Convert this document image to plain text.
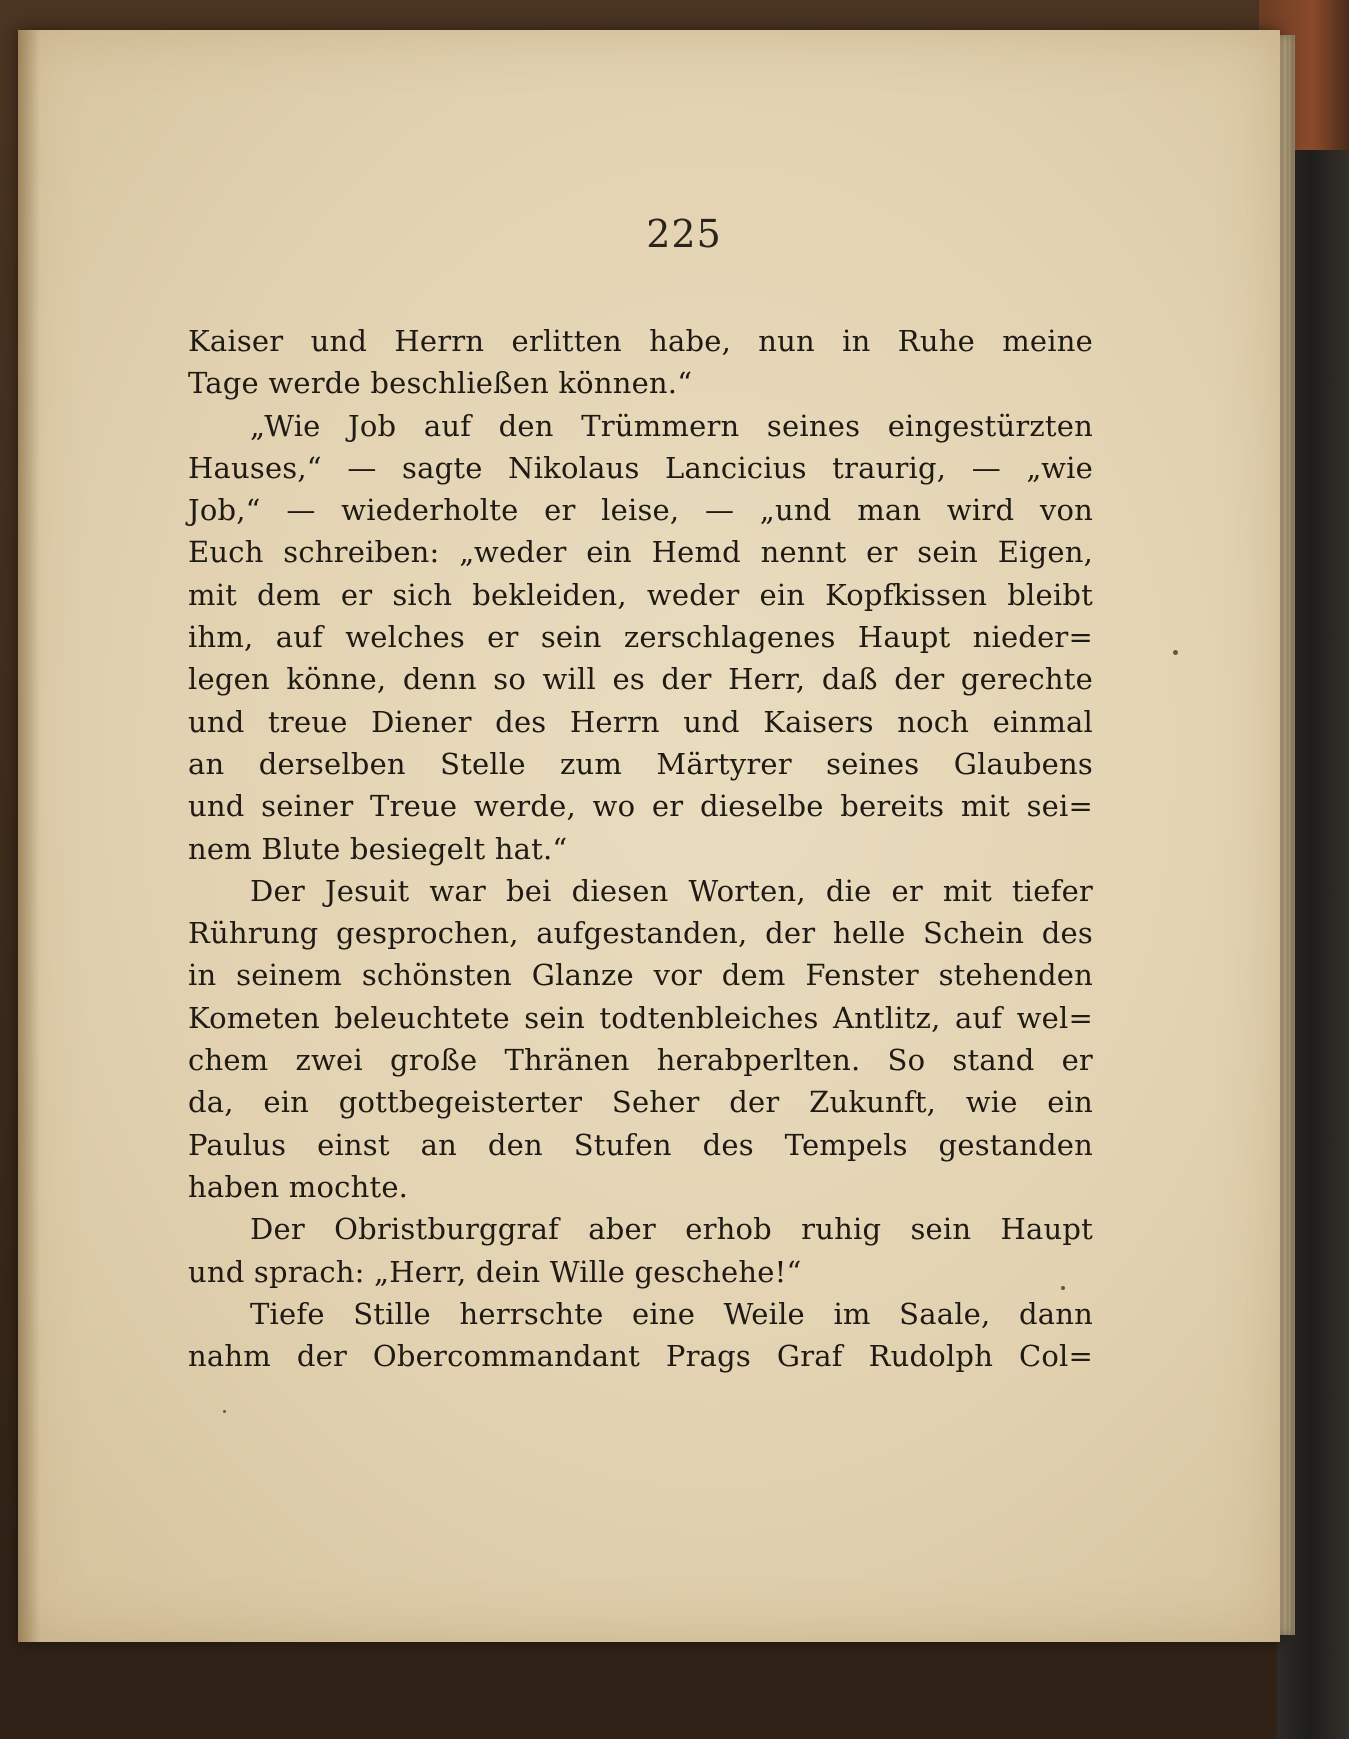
225
Kaiser und Herrn erlitten habe, nun in Ruhe meine
Tage werde beschließen können.“
„Wie Job auf den Trümmern seines eingestürzten
Hauses,“ — sagte Nikolaus Lancicius traurig, — „wie
Job,“ — wiederholte er leise, — „und man wird von
Euch schreiben: „weder ein Hemd nennt er sein Eigen,
mit dem er sich bekleiden, weder ein Kopfkissen bleibt
ihm, auf welches er sein zerschlagenes Haupt nieder=
legen könne, denn so will es der Herr, daß der gerechte
und treue Diener des Herrn und Kaisers noch einmal
an derselben Stelle zum Märtyrer seines Glaubens
und seiner Treue werde, wo er dieselbe bereits mit sei=
nem Blute besiegelt hat.“
Der Jesuit war bei diesen Worten, die er mit tiefer
Rührung gesprochen, aufgestanden, der helle Schein des
in seinem schönsten Glanze vor dem Fenster stehenden
Kometen beleuchtete sein todtenbleiches Antlitz, auf wel=
chem zwei große Thränen herabperlten. So stand er
da, ein gottbegeisterter Seher der Zukunft, wie ein
Paulus einst an den Stufen des Tempels gestanden
haben mochte.
Der Obristburggraf aber erhob ruhig sein Haupt
und sprach: „Herr, dein Wille geschehe!“
Tiefe Stille herrschte eine Weile im Saale, dann
nahm der Obercommandant Prags Graf Rudolph Col=
